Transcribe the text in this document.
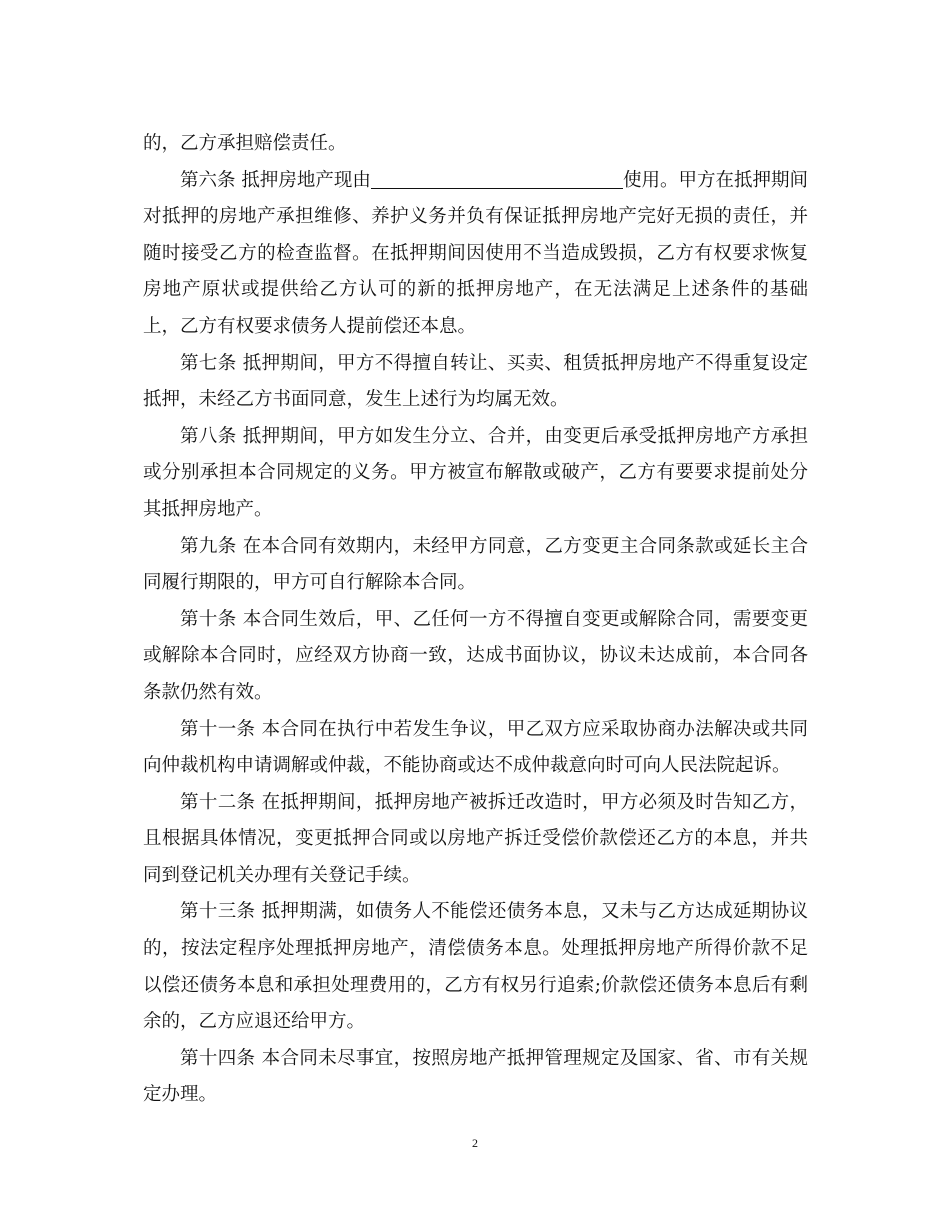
的，乙方承担赔偿责任。

第六条 抵押房地产现由	使用。甲方在抵押期间对抵押的房地产承担维修、养护义务并负有保证抵押房地产完好无损的责任，并随时接受乙方的检查监督。在抵押期间因使用不当造成毁损，乙方有权要求恢复房地产原状或提供给乙方认可的新的抵押房地产，在无法满足上述条件的基础上，乙方有权要求债务人提前偿还本息。

第七条 抵押期间，甲方不得擅自转让、买卖、租赁抵押房地产不得重复设定抵押，未经乙方书面同意，发生上述行为均属无效。

第八条 抵押期间，甲方如发生分立、合并，由变更后承受抵押房地产方承担或分别承担本合同规定的义务。甲方被宣布解散或破产，乙方有要要求提前处分其抵押房地产。

第九条 在本合同有效期内，未经甲方同意，乙方变更主合同条款或延长主合同履行期限的，甲方可自行解除本合同。

第十条 本合同生效后，甲、乙任何一方不得擅自变更或解除合同，需要变更或解除本合同时，应经双方协商一致，达成书面协议，协议未达成前，本合同各条款仍然有效。

第十一条 本合同在执行中若发生争议，甲乙双方应采取协商办法解决或共同向仲裁机构申请调解或仲裁，不能协商或达不成仲裁意向时可向人民法院起诉。

第十二条 在抵押期间，抵押房地产被拆迁改造时，甲方必须及时告知乙方，且根据具体情况，变更抵押合同或以房地产拆迁受偿价款偿还乙方的本息，并共同到登记机关办理有关登记手续。

第十三条 抵押期满，如债务人不能偿还债务本息，又未与乙方达成延期协议的，按法定程序处理抵押房地产，清偿债务本息。处理抵押房地产所得价款不足以偿还债务本息和承担处理费用的，乙方有权另行追索;价款偿还债务本息后有剩余的，乙方应退还给甲方。

第十四条 本合同未尽事宜，按照房地产抵押管理规定及国家、省、市有关规定办理。

2
